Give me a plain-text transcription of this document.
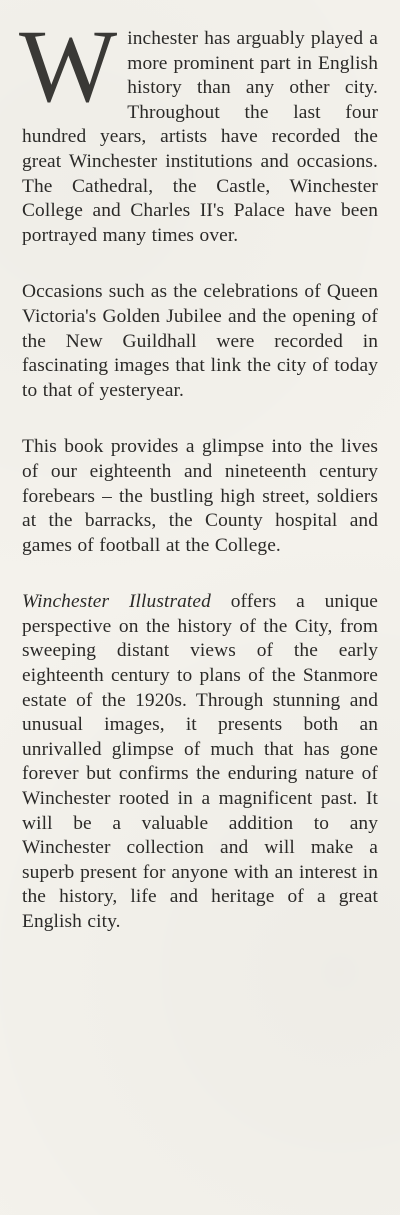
Winchester has arguably played a more prominent part in English history than any other city. Throughout the last four hundred years, artists have recorded the great Winchester institutions and occasions. The Cathedral, the Castle, Winchester College and Charles II's Palace have been portrayed many times over.

Occasions such as the celebrations of Queen Victoria's Golden Jubilee and the opening of the New Guildhall were recorded in fascinating images that link the city of today to that of yesteryear.

This book provides a glimpse into the lives of our eighteenth and nineteenth century forebears – the bustling high street, soldiers at the barracks, the County hospital and games of football at the College.

Winchester Illustrated offers a unique perspective on the history of the City, from sweeping distant views of the early eighteenth century to plans of the Stanmore estate of the 1920s. Through stunning and unusual images, it presents both an unrivalled glimpse of much that has gone forever but confirms the enduring nature of Winchester rooted in a magnificent past. It will be a valuable addition to any Winchester collection and will make a superb present for anyone with an interest in the history, life and heritage of a great English city.
